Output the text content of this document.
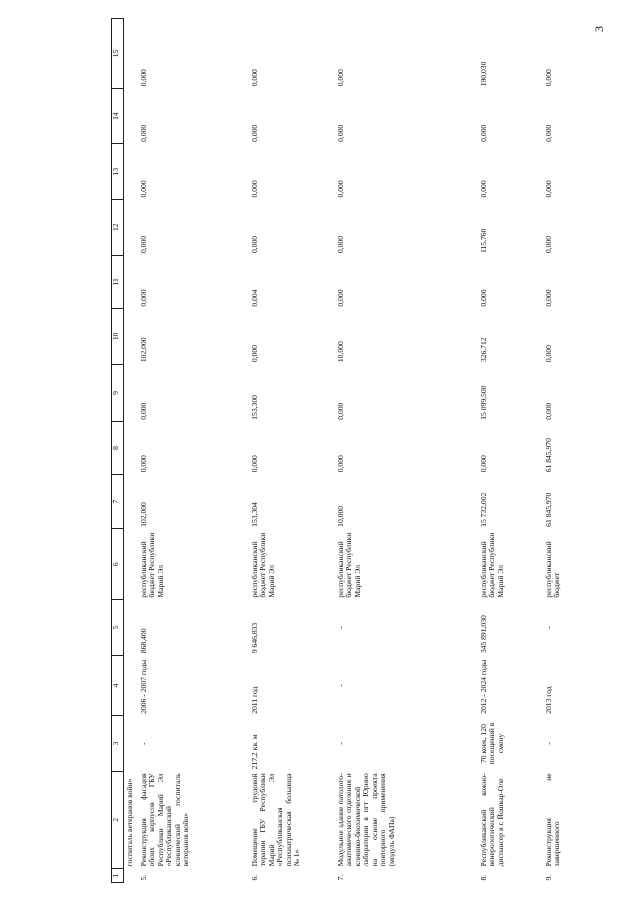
3
1	2	3	4	5	6	7	8	9	10	11	12	13	14	15
	госпиталь ветеранов войн»													
5.	Реконструкция фасадов обоих корпусов ГБУ Республики Марий Эл «Республиканский клинический госпиталь ветеранов войн»	-	2006 - 2007 годы	868,400	республиканский бюджет Республики Марий Эл	102,000	0,000	0,000	102,000	0,000	0,000	0,000	0,000	0,000
6.	Помещение трудовой терапии ГБУ Республики Марий Эл «Республиканская психиатрическая больница № 1»	217,2 кв. м	2011 год	9 646,833	республиканский бюджет Республики Марий Эл	153,304	0,000	153,300	0,000	0,004	0,000	0,000	0,000	0,000
7.	Модульное здание патолого-анатомического отделения и клинико-биохимической лаборатории в пгт Юрино на основе проекта повторного применения (модуль ФАПа)	-	-	-	республиканский бюджет Республики Марий Эл	10,000	0,000	0,000	10,000	0,000	0,000	0,000	0,000	0,000
8.	Республиканский кожно-венерологический диспансер в г. Йошкар-Оле	70 коек, 120 посещений в смену	2012 - 2024 годы	345 891,030	республиканский бюджет Республики Марий Эл	15 732,002	0,000	15 099,500	326,712	0,000	115,760	0,000	0,000	190,030
9.	Реконструкция не завершенного	-	2013 год	-	республиканский бюджет	61 845,970	61 845,970	0,000	0,000	0,000	0,000	0,000	0,000	0,000
